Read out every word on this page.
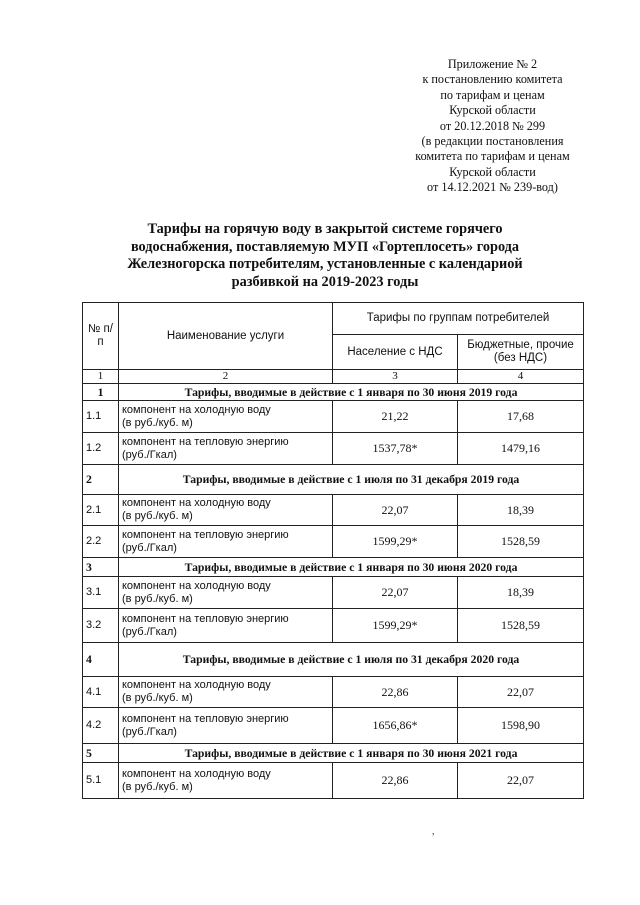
Приложение № 2
к постановлению комитета
по тарифам и ценам
Курской области
от 20.12.2018 № 299
(в редакции постановления
комитета по тарифам и ценам
Курской области
от 14.12.2021 № 239-вод)
Тарифы на горячую воду в закрытой системе горячего водоснабжения, поставляемую МУП «Гортеплосеть» города Железногорска потребителям, установленные с календариой разбивкой на 2019-2023 годы
№ п/п	Наименование услуги	Тарифы по группам потребителей	
		Население с НДС	Бюджетные, прочие (без НДС)
1	2	3	4
1	Тарифы, вводимые в действие с 1 января по 30 июня 2019 года		
1.1	компонент на холодную воду
(в руб./куб. м)	21,22	17,68
1.2	компонент на тепловую энергию
(руб./Гкал)	1537,78*	1479,16
2	Тарифы, вводимые в действие с 1 июля по 31 декабря 2019 года		
2.1	компонент на холодную воду
(в руб./куб. м)	22,07	18,39
2.2	компонент на тепловую энергию
(руб./Гкал)	1599,29*	1528,59
3	Тарифы, вводимые в действие с 1 января по 30 июня 2020 года		
3.1	компонент на холодную воду
(в руб./куб. м)	22,07	18,39
3.2	компонент на тепловую энергию
(руб./Гкал)	1599,29*	1528,59
4	Тарифы, вводимые в действие с 1 июля по 31 декабря 2020 года		
4.1	компонент на холодную воду
(в руб./куб. м)	22,86	22,07
4.2	компонент на тепловую энергию
(руб./Гкал)	1656,86*	1598,90
5	Тарифы, вводимые в действие с 1 января по 30 июня 2021 года		
5.1	компонент на холодную воду
(в руб./куб. м)	22,86	22,07
,
